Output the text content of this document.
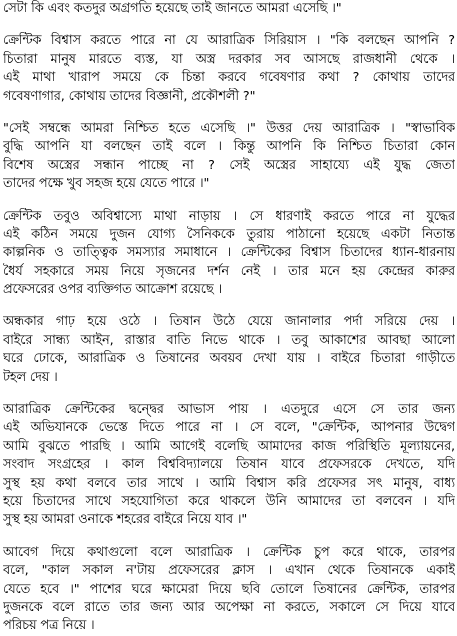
সেটা কি এবং কতদুর অগ্রগতি হয়েছে তাই জানতে আমরা এসেছি ।"
ক্রেন্টিক বিশ্বাস করতে পারে না যে আরাত্রিক সিরিয়াস । "কি বলছেন আপনি ?
চিতারা মানুষ মারতে ব্যস্ত, যা অস্ত্র দরকার সব আসছে রাজধানী থেকে ।
এই মাথা খারাপ সময়ে কে চিন্তা করবে গবেষণার কথা ? কোথায় তাদের
গবেষণাগার, কোথায় তাদের বিজ্ঞানী, প্রকৌশলী ?"
"সেই সম্বন্ধে আমরা নিশ্চিত হতে এসেছি ।" উত্তর দেয় আরাত্রিক । "স্বাভাবিক
বুদ্ধি আপনি যা বলছেন তাই বলে । কিন্তু আপনি কি নিশ্চিত চিতারা কোন
বিশেষ অস্ত্রের সন্ধান পাচ্ছে না ? সেই অস্ত্রের সাহায্যে এই যুদ্ধ জেতা
তাদের পক্ষে খুব সহজ হয়ে যেতে পারে ।"
ক্রেন্টিক তবুও অবিশ্বাস্যে মাথা নাড়ায় । সে ধারণাই করতে পারে না যুদ্ধের
এই কঠিন সময়ে দুজন যোগ্য সৈনিককে তুরায় পাঠানো হয়েছে একটা নিতান্ত
কাল্পনিক ও তাত্ত্বিক সমস্যার সমাধানে । ক্রেন্টিকের বিশ্বাস চিতাদের ধ্যান-ধারনায়
ধৈর্য সহকারে সময় নিয়ে সৃজনের দর্শন নেই । তার মনে হয় কেন্দ্রের কারুর
প্রফেসরের ওপর ব্যক্তিগত আক্রোশ রয়েছে ।
অন্ধকার গাঢ় হয়ে ওঠে । তিষান উঠে যেয়ে জানালার পর্দা সরিয়ে দেয় ।
বাইরে সান্ধ্য আইন, রাস্তার বাতি নিভে থাকে । তবু আকাশের আবছা আলো
ঘরে ঢোকে, আরাত্রিক ও তিষানের অবয়ব দেখা যায় । বাইরে চিতারা গাড়ীতে
টহল দেয় ।
আরাত্রিক ক্রেন্টিকের দ্বন্দ্বের আভাস পায় । এতদুরে এসে সে তার জন্য
এই অভিযানকে ভেস্তে দিতে পারে না । সে বলে, "ক্রেন্টিক, আপনার উদ্বেগ
আমি বুঝতে পারছি । আমি আগেই বলেছি আমাদের কাজ পরিস্থিতি মূল্যায়নের,
সংবাদ সংগ্রহের । কাল বিশ্ববিদ্যালয়ে তিষান যাবে প্রফেসরকে দেখতে, যদি
সুস্থ হয় কথা বলবে তার সাথে । আমি বিশ্বাস করি প্রফেসর সৎ মানুষ, বাধ্য
হয়ে চিতাদের সাথে সহযোগিতা করে থাকলে উনি আমাদের তা বলবেন । যদি
সুস্থ হয় আমরা ওনাকে শহরের বাইরে নিয়ে যাব ।"
আবেগ দিয়ে কথাগুলো বলে আরাত্রিক । ক্রেন্টিক চুপ করে থাকে, তারপর
বলে, "কাল সকাল ন'টায় প্রফেসরের ক্লাস । এখান থেকে তিষানকে একাই
যেতে হবে ।" পাশের ঘরে ক্ষামেরা দিয়ে ছবি তোলে তিষানের ক্রেন্টিক, তারপর
দুজনকে বলে রাতে তার জন্য আর অপেক্ষা না করতে, সকালে সে দিয়ে যাবে
পরিচয় পত্র নিয়ে ।
